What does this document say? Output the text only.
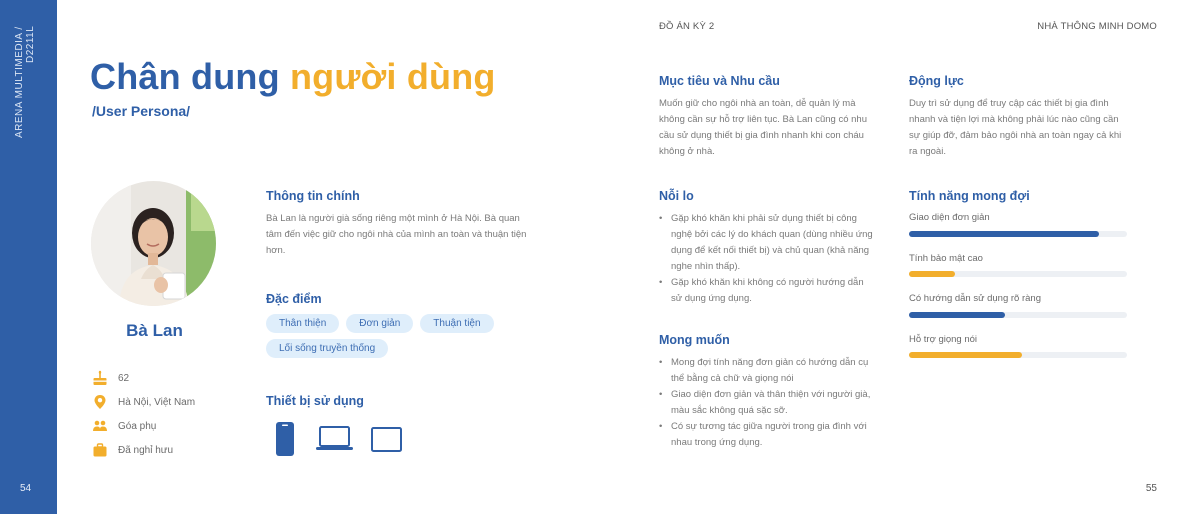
ARENA MULTIMEDIA / D2211L
54
ĐỒ ÁN KỲ 2	NHÀ THÔNG MINH DOMO
Chân dung người dùng
/User Persona/
Bà Lan
62
Hà Nội, Việt Nam
Góa phụ
Đã nghỉ hưu
Thông tin chính
Bà Lan là người già sống riêng một mình ở Hà Nội. Bà quan tâm đến việc giữ cho ngôi nhà của mình an toàn và thuận tiện hơn.
Đặc điểm
Thân thiện	Đơn giản	Thuận tiện
Lối sống truyền thống
Thiết bị sử dụng
Mục tiêu và Nhu cầu
Muốn giữ cho ngôi nhà an toàn, dễ quản lý mà không cần sự hỗ trợ liên tục. Bà Lan cũng có nhu cầu sử dụng thiết bị gia đình nhanh khi con cháu không ở nhà.
Động lực
Duy trì sử dụng để truy cập các thiết bị gia đình nhanh và tiện lợi mà không phải lúc nào cũng cần sự giúp đỡ, đảm bảo ngôi nhà an toàn ngay cả khi ra ngoài.
Nỗi lo
• Gặp khó khăn khi phải sử dụng thiết bị công nghệ bởi các lý do khách quan (dùng nhiều ứng dụng để kết nối thiết bị) và chủ quan (khả năng nghe nhìn thấp).
• Gặp khó khăn khi không có người hướng dẫn sử dụng ứng dụng.
Mong muốn
• Mong đợi tính năng đơn giản có hướng dẫn cụ thể bằng cả chữ và giọng nói
• Giao diện đơn giản và thân thiện với người già, màu sắc không quá sặc sỡ.
• Có sự tương tác giữa người trong gia đình với nhau trong ứng dụng.
Tính năng mong đợi
Giao diện đơn giản
Tính bảo mật cao
Có hướng dẫn sử dụng rõ ràng
Hỗ trợ giọng nói
55
